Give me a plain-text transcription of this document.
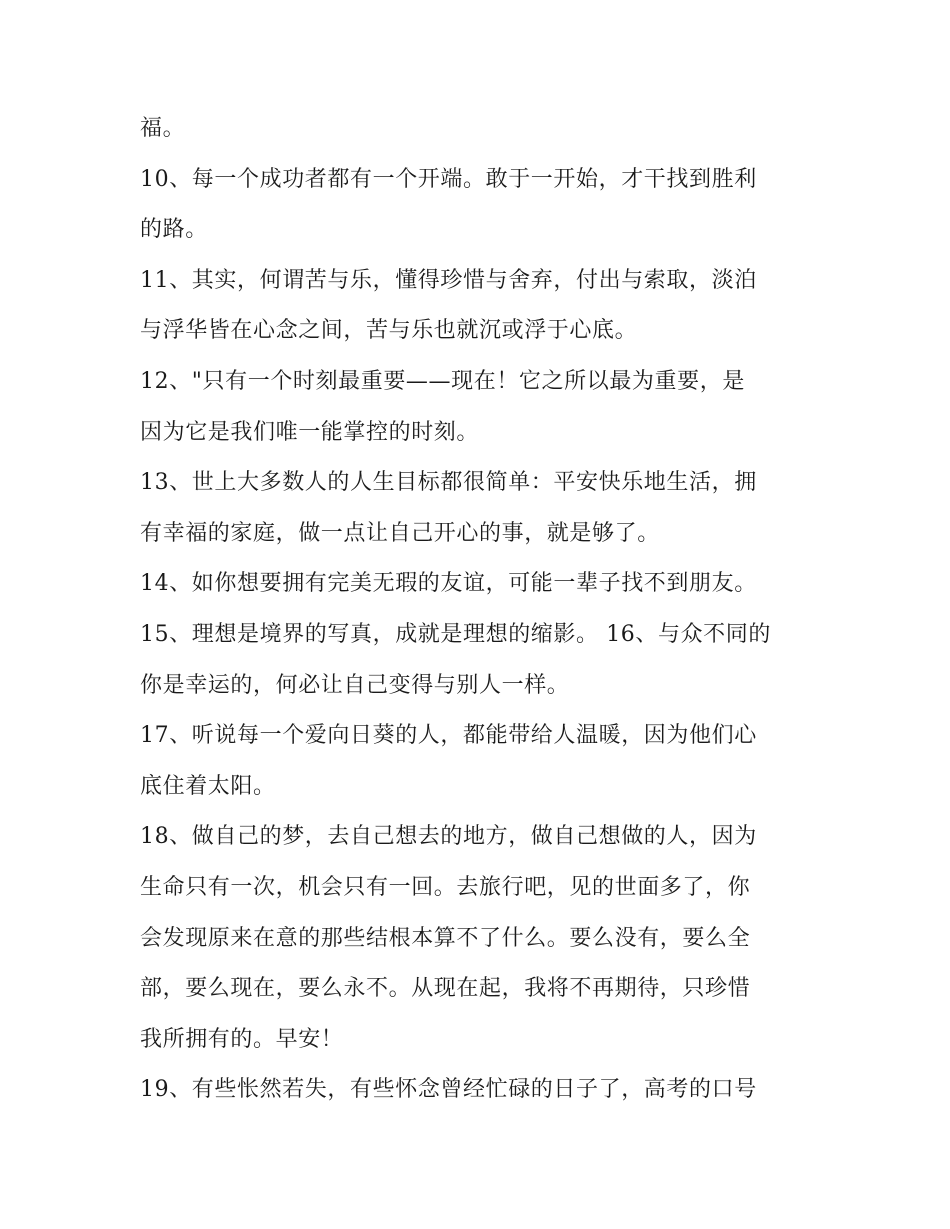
福。
10、每一个成功者都有一个开端。敢于一开始，才干找到胜利
的路。
11、其实，何谓苦与乐，懂得珍惜与舍弃，付出与索取，淡泊
与浮华皆在心念之间，苦与乐也就沉或浮于心底。
12、"只有一个时刻最重要——现在！它之所以最为重要，是
因为它是我们唯一能掌控的时刻。
13、世上大多数人的人生目标都很简单：平安快乐地生活，拥
有幸福的家庭，做一点让自己开心的事，就是够了。
14、如你想要拥有完美无瑕的友谊，可能一辈子找不到朋友。
15、理想是境界的写真，成就是理想的缩影。 16、与众不同的
你是幸运的，何必让自己变得与别人一样。
17、听说每一个爱向日葵的人，都能带给人温暖，因为他们心
底住着太阳。
18、做自己的梦，去自己想去的地方，做自己想做的人，因为
生命只有一次，机会只有一回。去旅行吧，见的世面多了，你
会发现原来在意的那些结根本算不了什么。要么没有，要么全
部，要么现在，要么永不。从现在起，我将不再期待，只珍惜
我所拥有的。早安！
19、有些怅然若失，有些怀念曾经忙碌的日子了，高考的口号
